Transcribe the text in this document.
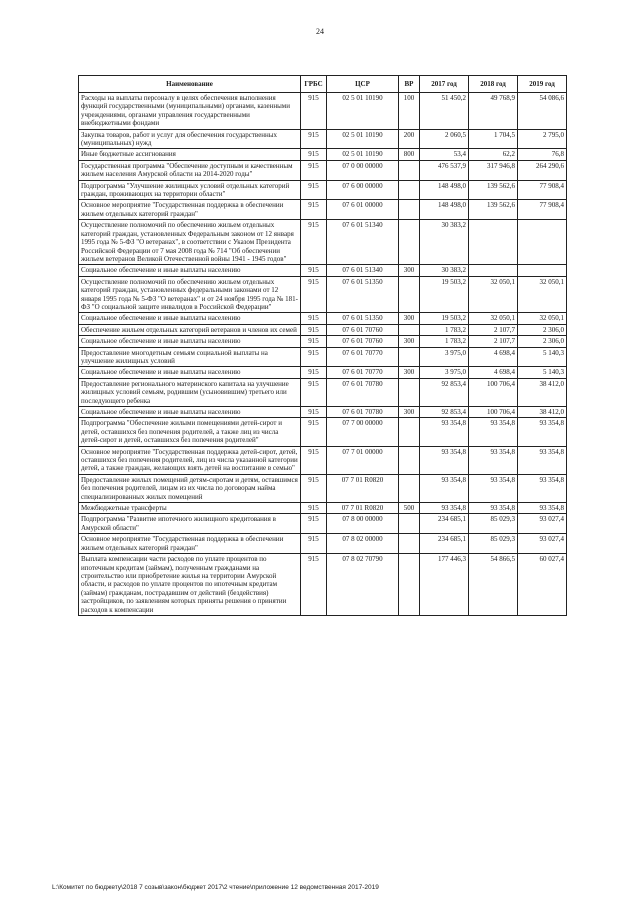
24
Наименование	ГРБС	ЦСР	ВР	2017 год	2018 год	2019 год
Расходы на выплаты персоналу в целях обеспечения выполнения функций государственными (муниципальными) органами, казенными учреждениями, органами управления государственными внебюджетными фондами	915	02 5 01 10190	100	51 450,2	49 768,9	54 086,6
Закупка товаров, работ и услуг для обеспечения государственных (муниципальных) нужд	915	02 5 01 10190	200	2 060,5	1 704,5	2 795,0
Иные бюджетные ассигнования	915	02 5 01 10190	800	53,4	62,2	76,8
Государственная программа "Обеспечение доступным и качественным жильем населения Амурской области на 2014-2020 годы"	915	07 0 00 00000		476 537,9	317 946,8	264 290,6
Подпрограмма "Улучшение жилищных условий отдельных категорий граждан, проживающих на территории области"	915	07 6 00 00000		148 498,0	139 562,6	77 908,4
Основное мероприятие "Государственная поддержка в обеспечении жильем отдельных категорий граждан"	915	07 6 01 00000		148 498,0	139 562,6	77 908,4
Осуществление полномочий по обеспечению жильем отдельных категорий граждан, установленных Федеральным законом от 12 января 1995 года № 5-ФЗ "О ветеранах", в соответствии с Указом Президента Российской Федерации от 7 мая 2008 года № 714 "Об обеспечении жильем ветеранов Великой Отечественной войны 1941 - 1945 годов"	915	07 6 01 51340		30 383,2		
Социальное обеспечение и иные выплаты населению	915	07 6 01 51340	300	30 383,2		
Осуществление полномочий по обеспечению жильем отдельных категорий граждан, установленных федеральными законами от 12 января 1995 года № 5-ФЗ "О ветеранах" и от 24 ноября 1995 года № 181-ФЗ "О социальной защите инвалидов в Российской Федерации"	915	07 6 01 51350		19 503,2	32 050,1	32 050,1
Социальное обеспечение и иные выплаты населению	915	07 6 01 51350	300	19 503,2	32 050,1	32 050,1
Обеспечение жильем отдельных категорий ветеранов и членов их семей	915	07 6 01 70760		1 783,2	2 107,7	2 306,0
Социальное обеспечение и иные выплаты населению	915	07 6 01 70760	300	1 783,2	2 107,7	2 306,0
Предоставление многодетным семьям социальной выплаты на улучшение жилищных условий	915	07 6 01 70770		3 975,0	4 698,4	5 140,3
Социальное обеспечение и иные выплаты населению	915	07 6 01 70770	300	3 975,0	4 698,4	5 140,3
Предоставление регионального материнского капитала на улучшение жилищных условий семьям, родившим (усыновившим) третьего или последующего ребенка	915	07 6 01 70780		92 853,4	100 706,4	38 412,0
Социальное обеспечение и иные выплаты населению	915	07 6 01 70780	300	92 853,4	100 706,4	38 412,0
Подпрограмма "Обеспечение жилыми помещениями детей-сирот и детей, оставшихся без попечения родителей, а также лиц из числа детей-сирот и детей, оставшихся без попечения родителей"	915	07 7 00 00000		93 354,8	93 354,8	93 354,8
Основное мероприятие "Государственная поддержка детей-сирот, детей, оставшихся без попечения родителей, лиц из числа указанной категории детей, а также граждан, желающих взять детей на воспитание в семью"	915	07 7 01 00000		93 354,8	93 354,8	93 354,8
Предоставление жилых помещений детям-сиротам и детям, оставшимся без попечения родителей, лицам из их числа по договорам найма специализированных жилых помещений	915	07 7 01 R0820		93 354,8	93 354,8	93 354,8
Межбюджетные трансферты	915	07 7 01 R0820	500	93 354,8	93 354,8	93 354,8
Подпрограмма "Развитие ипотечного жилищного кредитования в Амурской области"	915	07 8 00 00000		234 685,1	85 029,3	93 027,4
Основное мероприятие "Государственная поддержка в обеспечении жильем отдельных категорий граждан"	915	07 8 02 00000		234 685,1	85 029,3	93 027,4
Выплата компенсации части расходов по уплате процентов по ипотечным кредитам (займам), полученным гражданами на строительство или приобретение жилья на территории Амурской области, и расходов по уплате процентов по ипотечным кредитам (займам) гражданам, пострадавшим от действий (бездействия) застройщиков, по заявлениям которых приняты решения о принятии расходов к компенсации	915	07 8 02 70790		177 446,3	54 866,5	60 027,4
L:\Комитет по бюджету\2018 7 созыв\закон\бюджет 2017\2 чтение\приложение 12 ведомственная 2017-2019
